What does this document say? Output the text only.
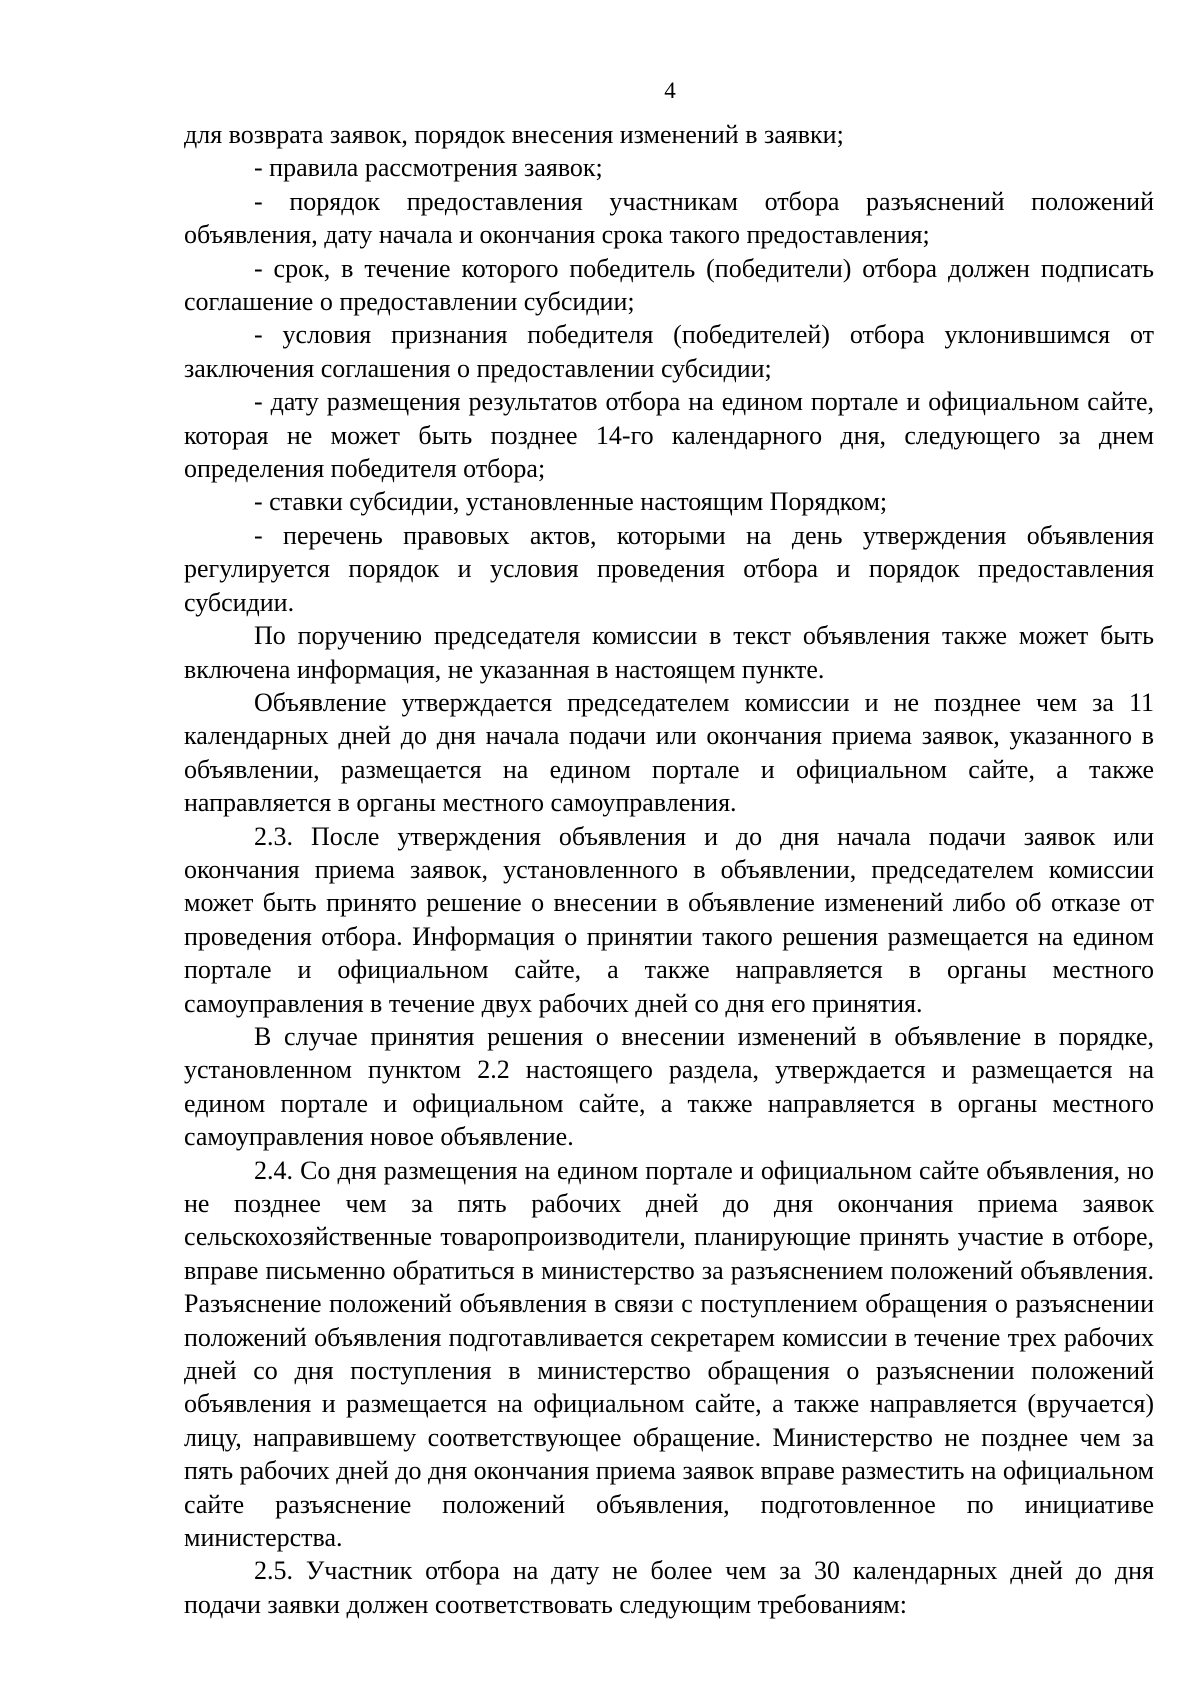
4

для возврата заявок, порядок внесения изменений в заявки;

- правила рассмотрения заявок;

- порядок предоставления участникам отбора разъяснений положений объявления, дату начала и окончания срока такого предоставления;

- срок, в течение которого победитель (победители) отбора должен подписать соглашение о предоставлении субсидии;

- условия признания победителя (победителей) отбора уклонившимся от заключения соглашения о предоставлении субсидии;

- дату размещения результатов отбора на едином портале и официальном сайте, которая не может быть позднее 14-го календарного дня, следующего за днем определения победителя отбора;

- ставки субсидии, установленные настоящим Порядком;

- перечень правовых актов, которыми на день утверждения объявления регулируется порядок и условия проведения отбора и порядок предоставления субсидии.

По поручению председателя комиссии в текст объявления также может быть включена информация, не указанная в настоящем пункте.

Объявление утверждается председателем комиссии и не позднее чем за 11 календарных дней до дня начала подачи или окончания приема заявок, указанного в объявлении, размещается на едином портале и официальном сайте, а также направляется в органы местного самоуправления.

2.3. После утверждения объявления и до дня начала подачи заявок или окончания приема заявок, установленного в объявлении, председателем комиссии может быть принято решение о внесении в объявление изменений либо об отказе от проведения отбора. Информация о принятии такого решения размещается на едином портале и официальном сайте, а также направляется в органы местного самоуправления в течение двух рабочих дней со дня его принятия.

В случае принятия решения о внесении изменений в объявление в порядке, установленном пунктом 2.2 настоящего раздела, утверждается и размещается на едином портале и официальном сайте, а также направляется в органы местного самоуправления новое объявление.

2.4. Со дня размещения на едином портале и официальном сайте объявления, но не позднее чем за пять рабочих дней до дня окончания приема заявок сельскохозяйственные товаропроизводители, планирующие принять участие в отборе, вправе письменно обратиться в министерство за разъяснением положений объявления. Разъяснение положений объявления в связи с поступлением обращения о разъяснении положений объявления подготавливается секретарем комиссии в течение трех рабочих дней со дня поступления в министерство обращения о разъяснении положений объявления и размещается на официальном сайте, а также направляется (вручается) лицу, направившему соответствующее обращение. Министерство не позднее чем за пять рабочих дней до дня окончания приема заявок вправе разместить на официальном сайте разъяснение положений объявления, подготовленное по инициативе министерства.

2.5. Участник отбора на дату не более чем за 30 календарных дней до дня подачи заявки должен соответствовать следующим требованиям:
